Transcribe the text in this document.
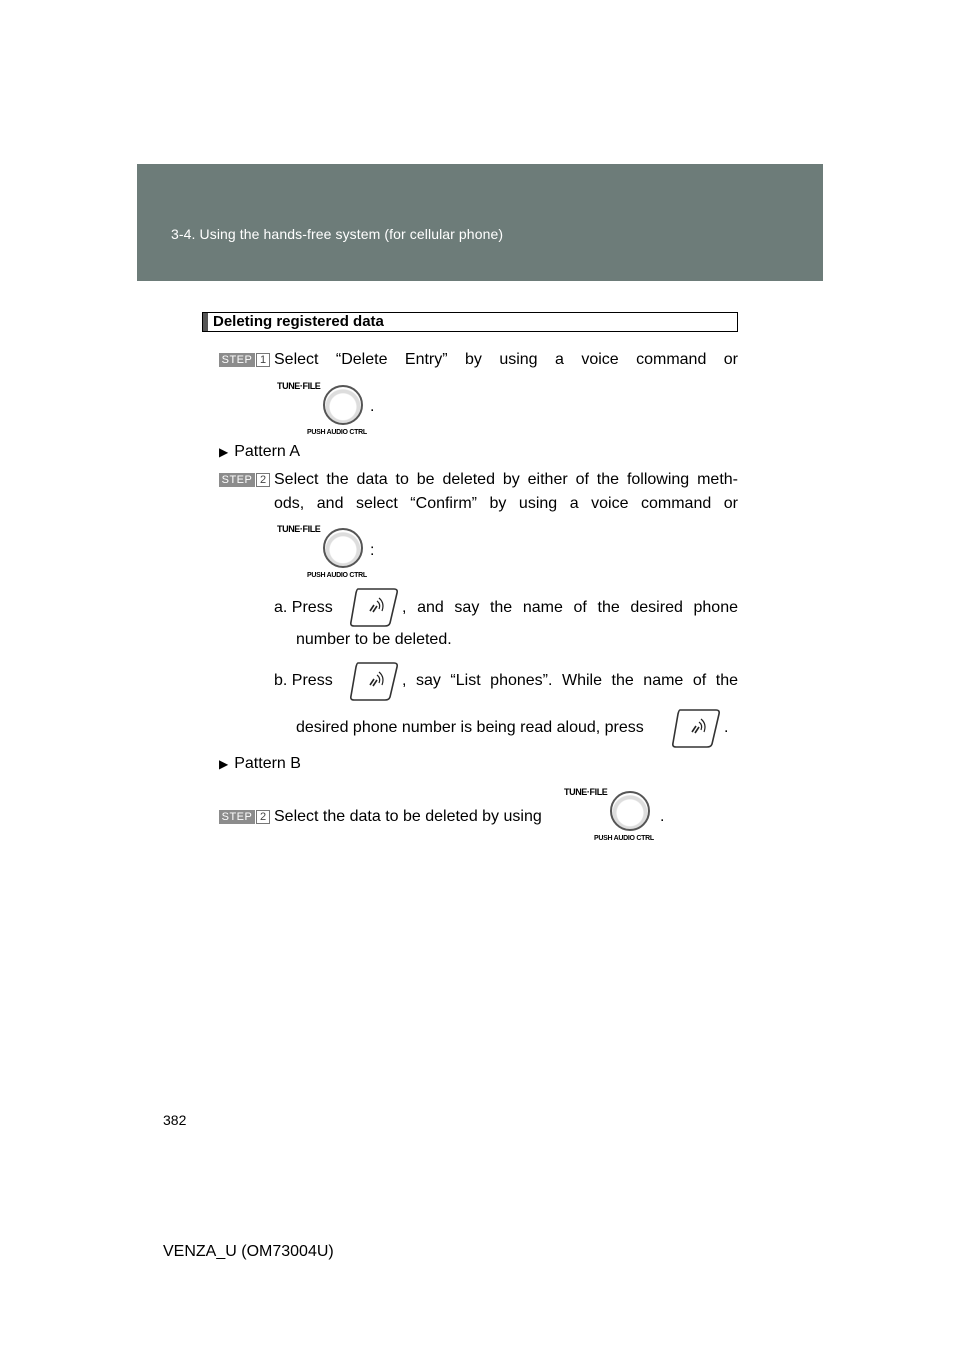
3-4. Using the hands-free system (for cellular phone)
Deleting registered data
STEP 1 Select “Delete Entry” by using a voice command or
TUNE·FILE
PUSH AUDIO CTRL
.
▶ Pattern A
STEP 2 Select the data to be deleted by either of the following meth-
ods, and select “Confirm” by using a voice command or
TUNE·FILE
PUSH AUDIO CTRL
:
a. Press	, and say the name of the desired phone
number to be deleted.
b. Press	, say “List phones”. While the name of the
desired phone number is being read aloud, press	.
▶ Pattern B
STEP 2 Select the data to be deleted by using
TUNE·FILE
PUSH AUDIO CTRL
.
382
VENZA_U (OM73004U)
